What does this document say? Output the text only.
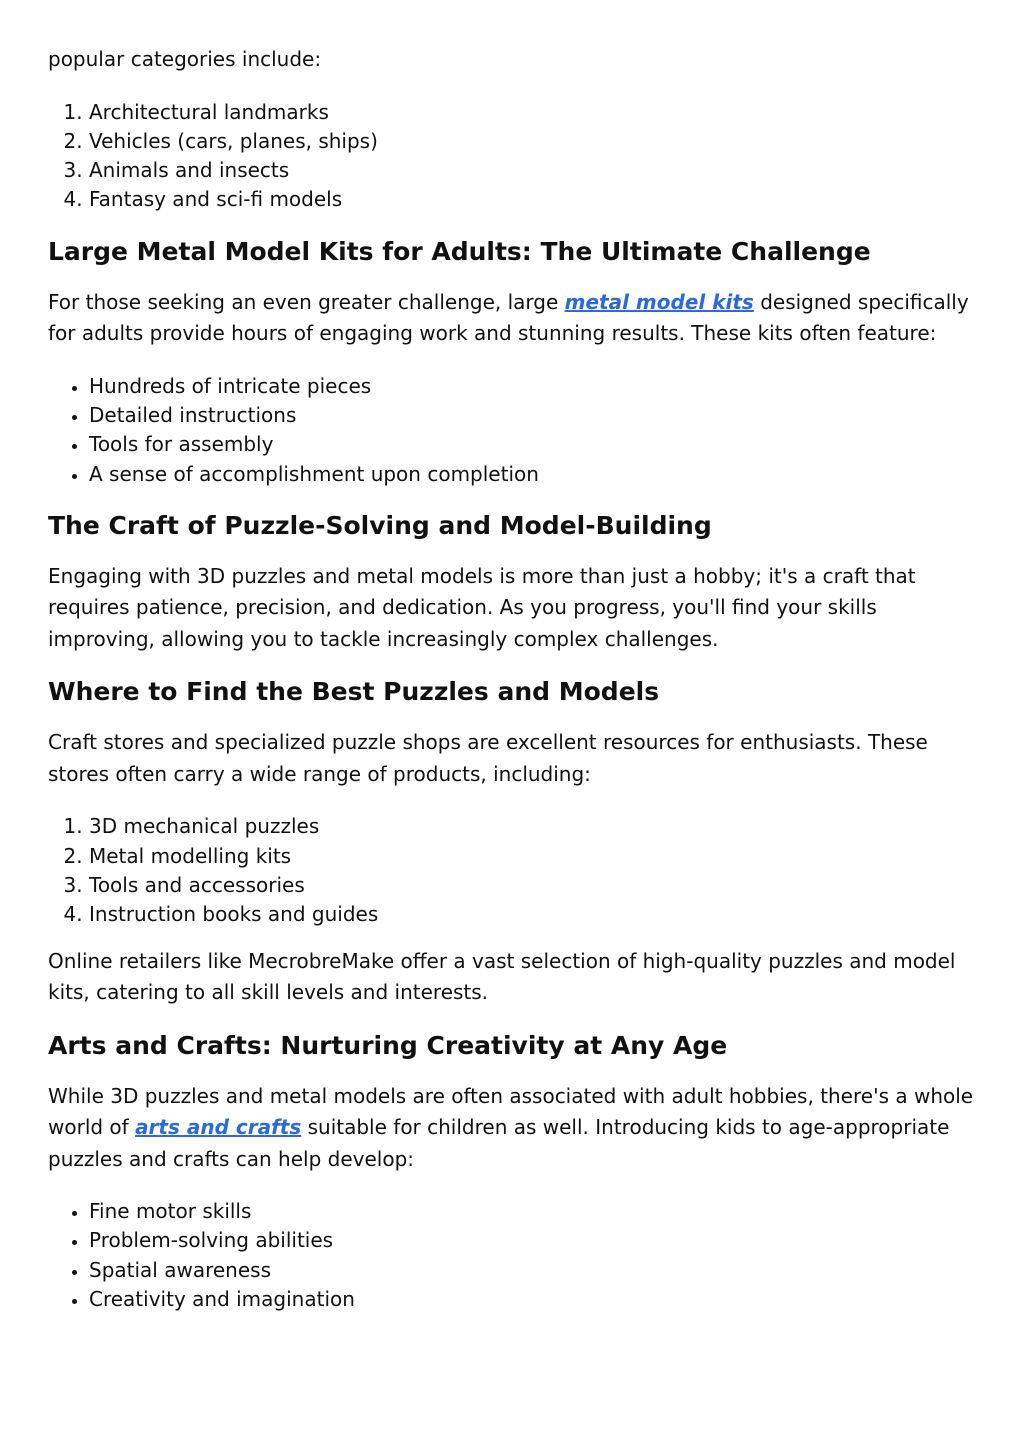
popular categories include:

1. Architectural landmarks
2. Vehicles (cars, planes, ships)
3. Animals and insects
4. Fantasy and sci-fi models
Large Metal Model Kits for Adults: The Ultimate Challenge

For those seeking an even greater challenge, large metal model kits designed specifically for adults provide hours of engaging work and stunning results. These kits often feature:

• Hundreds of intricate pieces
• Detailed instructions
• Tools for assembly
• A sense of accomplishment upon completion
The Craft of Puzzle-Solving and Model-Building

Engaging with 3D puzzles and metal models is more than just a hobby; it's a craft that requires patience, precision, and dedication. As you progress, you'll find your skills improving, allowing you to tackle increasingly complex challenges.

Where to Find the Best Puzzles and Models

Craft stores and specialized puzzle shops are excellent resources for enthusiasts. These stores often carry a wide range of products, including:

1. 3D mechanical puzzles
2. Metal modelling kits
3. Tools and accessories
4. Instruction books and guides

Online retailers like MecrobreMake offer a vast selection of high-quality puzzles and model kits, catering to all skill levels and interests.

Arts and Crafts: Nurturing Creativity at Any Age

While 3D puzzles and metal models are often associated with adult hobbies, there's a whole world of arts and crafts suitable for children as well. Introducing kids to age-appropriate puzzles and crafts can help develop:

• Fine motor skills
• Problem-solving abilities
• Spatial awareness
• Creativity and imagination
